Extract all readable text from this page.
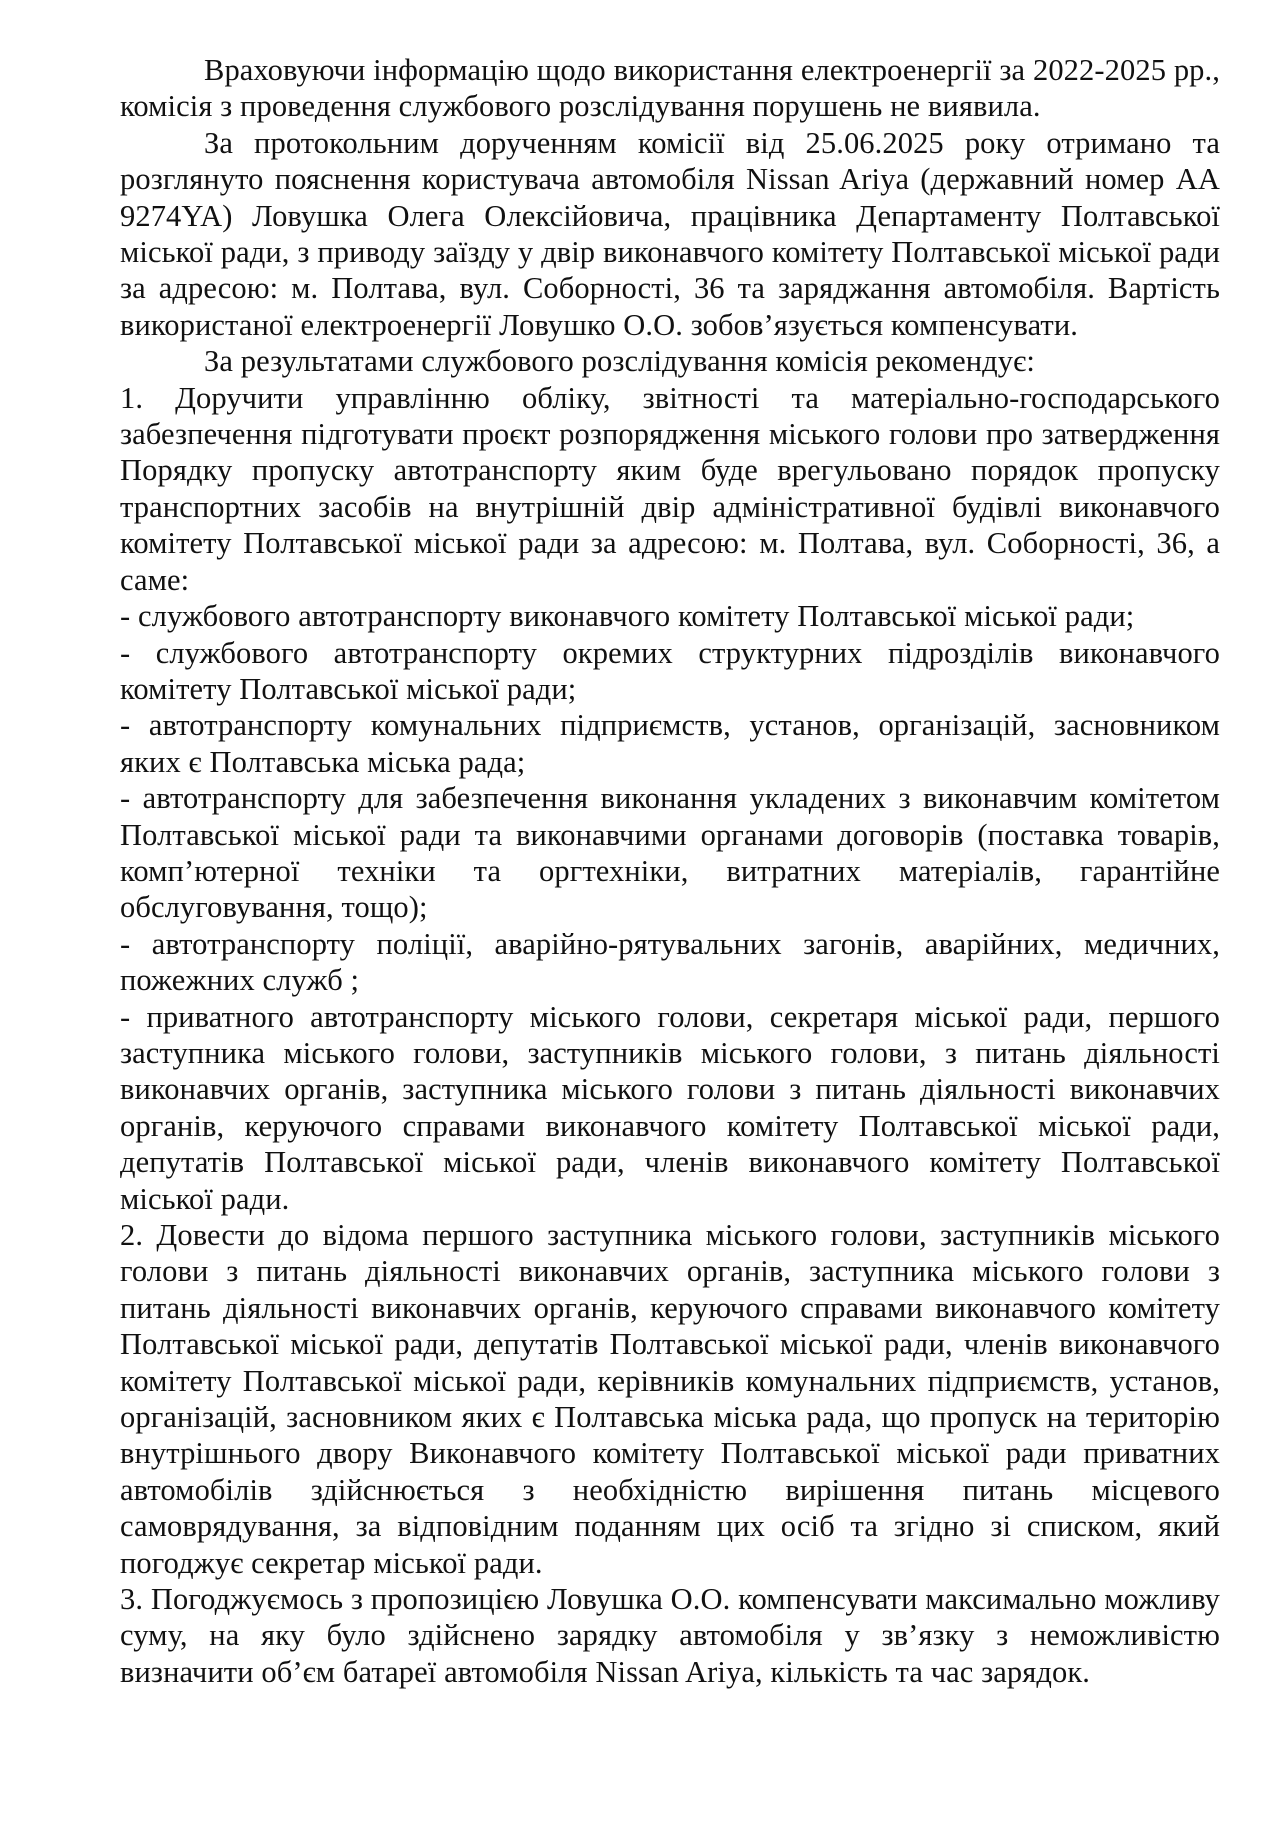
Враховуючи інформацію щодо використання електроенергії за 2022-2025 рр., комісія з проведення службового розслідування порушень не виявила.

За протокольним дорученням комісії від 25.06.2025 року отримано та розглянуто пояснення користувача автомобіля Nissan Ariya (державний номер АА 9274YA) Ловушка Олега Олексійовича, працівника Департаменту Полтавської міської ради, з приводу заїзду у двір виконавчого комітету Полтавської міської ради за адресою: м. Полтава, вул. Соборності, 36 та заряджання автомобіля. Вартість використаної електроенергії Ловушко О.О. зобов’язується компенсувати.

За результатами службового розслідування комісія рекомендує:

1. Доручити управлінню обліку, звітності та матеріально-господарського забезпечення підготувати проєкт розпорядження міського голови про затвердження Порядку пропуску автотранспорту яким буде врегульовано порядок пропуску транспортних засобів на внутрішній двір адміністративної будівлі виконавчого комітету Полтавської міської ради за адресою: м. Полтава, вул. Соборності, 36, а саме:

- службового автотранспорту виконавчого комітету Полтавської міської ради;

- службового автотранспорту окремих структурних підрозділів виконавчого комітету Полтавської міської ради;

- автотранспорту комунальних підприємств, установ, організацій, засновником яких є Полтавська міська рада;

- автотранспорту для забезпечення виконання укладених з виконавчим комітетом Полтавської міської ради та виконавчими органами договорів (поставка товарів, комп’ютерної техніки та оргтехніки, витратних матеріалів, гарантійне обслуговування, тощо);

- автотранспорту поліції, аварійно-рятувальних загонів, аварійних, медичних, пожежних служб ;

- приватного автотранспорту міського голови, секретаря міської ради, першого заступника міського голови, заступників міського голови, з питань діяльності виконавчих органів, заступника міського голови з питань діяльності виконавчих органів, керуючого справами виконавчого комітету Полтавської міської ради, депутатів Полтавської міської ради, членів виконавчого комітету Полтавської міської ради.

2. Довести до відома першого заступника міського голови, заступників міського голови з питань діяльності виконавчих органів, заступника міського голови з питань діяльності виконавчих органів, керуючого справами виконавчого комітету Полтавської міської ради, депутатів Полтавської міської ради, членів виконавчого комітету Полтавської міської ради, керівників комунальних підприємств, установ, організацій, засновником яких є Полтавська міська рада, що пропуск на територію внутрішнього двору Виконавчого комітету Полтавської міської ради приватних автомобілів здійснюється з необхідністю вирішення питань місцевого самоврядування, за відповідним поданням цих осіб та згідно зі списком, який погоджує секретар міської ради.

3. Погоджуємось з пропозицією Ловушка О.О. компенсувати максимально можливу суму, на яку було здійснено зарядку автомобіля у зв’язку з неможливістю визначити об’єм батареї автомобіля Nissan Ariya, кількість та час зарядок.
